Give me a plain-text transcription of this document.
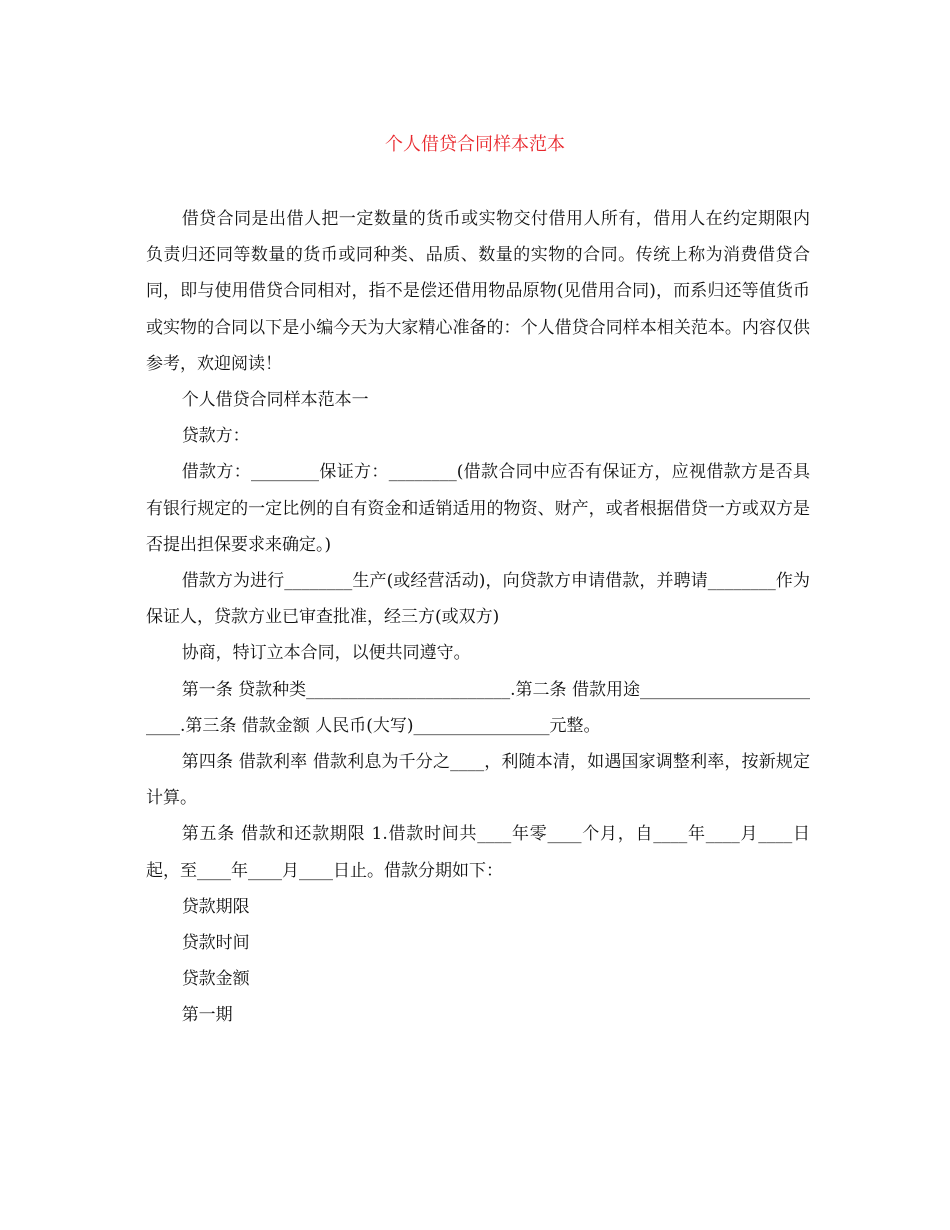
个人借贷合同样本范本

借贷合同是出借人把一定数量的货币或实物交付借用人所有，借用人在约定期限内负责归还同等数量的货币或同种类、品质、数量的实物的合同。传统上称为消费借贷合同，即与使用借贷合同相对，指不是偿还借用物品原物(见借用合同)，而系归还等值货币或实物的合同以下是小编今天为大家精心准备的：个人借贷合同样本相关范本。内容仅供参考，欢迎阅读！

个人借贷合同样本范本一

贷款方：

借款方：________保证方：________(借款合同中应否有保证方，应视借款方是否具有银行规定的一定比例的自有资金和适销适用的物资、财产，或者根据借贷一方或双方是否提出担保要求来确定。)

借款方为进行________生产(或经营活动)，向贷款方申请借款，并聘请________作为保证人，贷款方业已审查批准，经三方(或双方)

协商，特订立本合同，以便共同遵守。

第一条 贷款种类________________________.第二条 借款用途________________________.第三条 借款金额 人民币(大写)________________元整。

第四条 借款利率 借款利息为千分之____，利随本清，如遇国家调整利率，按新规定计算。

第五条 借款和还款期限 1.借款时间共____年零____个月，自____年____月____日起，至____年____月____日止。借款分期如下：

贷款期限

贷款时间

贷款金额

第一期
